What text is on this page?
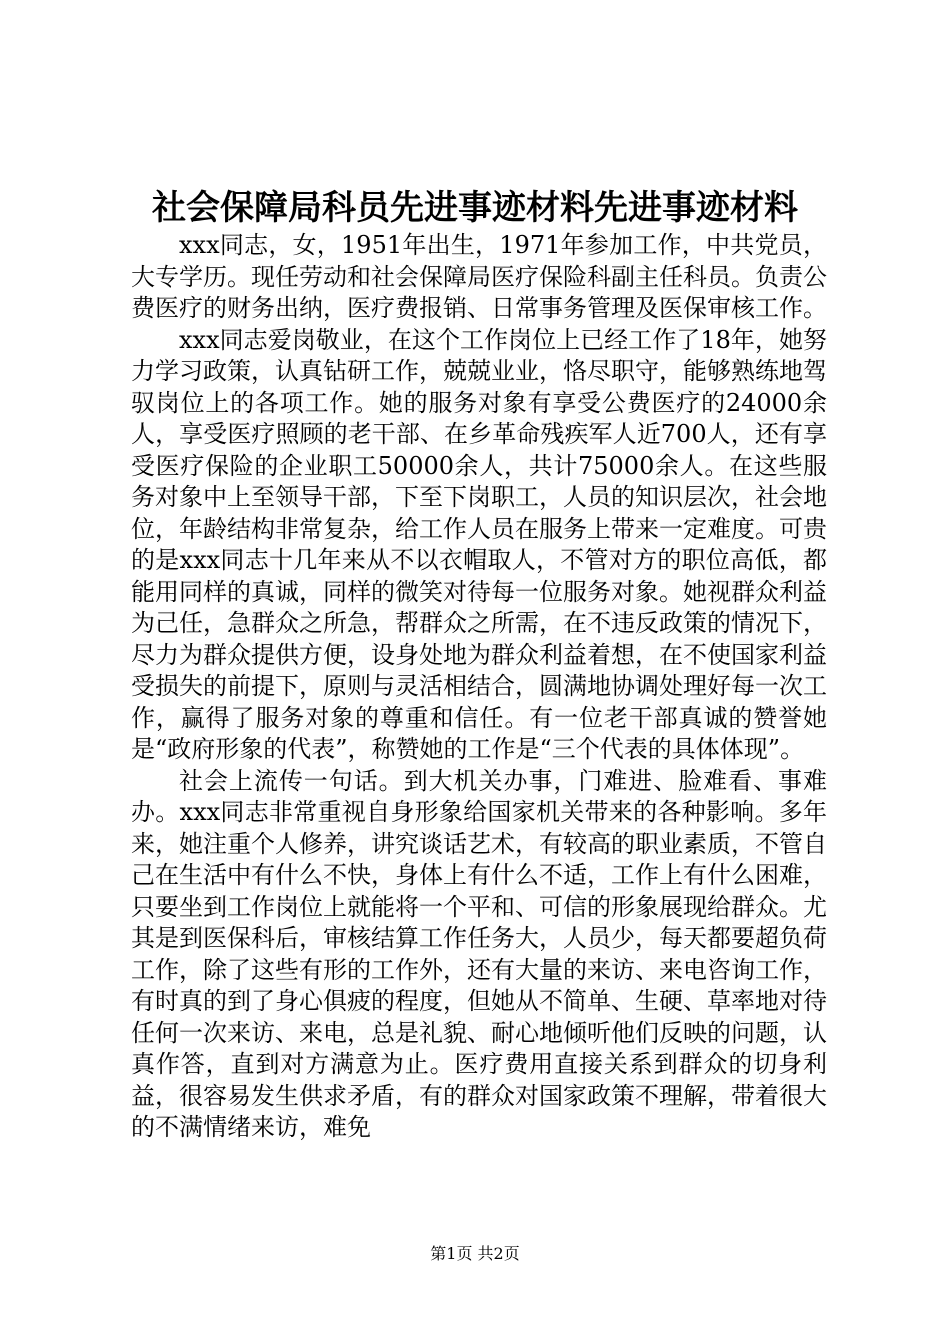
社会保障局科员先进事迹材料先进事迹材料

xxx同志，女，1951年出生，1971年参加工作，中共党员，大专学历。现任劳动和社会保障局医疗保险科副主任科员。负责公费医疗的财务出纳，医疗费报销、日常事务管理及医保审核工作。

xxx同志爱岗敬业，在这个工作岗位上已经工作了18年，她努力学习政策，认真钻研工作，兢兢业业，恪尽职守，能够熟练地驾驭岗位上的各项工作。她的服务对象有享受公费医疗的24000余人，享受医疗照顾的老干部、在乡革命残疾军人近700人，还有享受医疗保险的企业职工50000余人，共计75000余人。在这些服务对象中上至领导干部，下至下岗职工，人员的知识层次，社会地位，年龄结构非常复杂，给工作人员在服务上带来一定难度。可贵的是xxx同志十几年来从不以衣帽取人，不管对方的职位高低，都能用同样的真诚，同样的微笑对待每一位服务对象。她视群众利益为己任，急群众之所急，帮群众之所需，在不违反政策的情况下，尽力为群众提供方便，设身处地为群众利益着想，在不使国家利益受损失的前提下，原则与灵活相结合，圆满地协调处理好每一次工作，赢得了服务对象的尊重和信任。有一位老干部真诚的赞誉她是“政府形象的代表”，称赞她的工作是“三个代表的具体体现”。

社会上流传一句话。到大机关办事，门难进、脸难看、事难办。xxx同志非常重视自身形象给国家机关带来的各种影响。多年来，她注重个人修养，讲究谈话艺术，有较高的职业素质，不管自己在生活中有什么不快，身体上有什么不适，工作上有什么困难，只要坐到工作岗位上就能将一个平和、可信的形象展现给群众。尤其是到医保科后，审核结算工作任务大，人员少，每天都要超负荷工作，除了这些有形的工作外，还有大量的来访、来电咨询工作，有时真的到了身心俱疲的程度，但她从不简单、生硬、草率地对待任何一次来访、来电，总是礼貌、耐心地倾听他们反映的问题，认真作答，直到对方满意为止。医疗费用直接关系到群众的切身利益，很容易发生供求矛盾，有的群众对国家政策不理解，带着很大的不满情绪来访，难免

第1页 共2页
